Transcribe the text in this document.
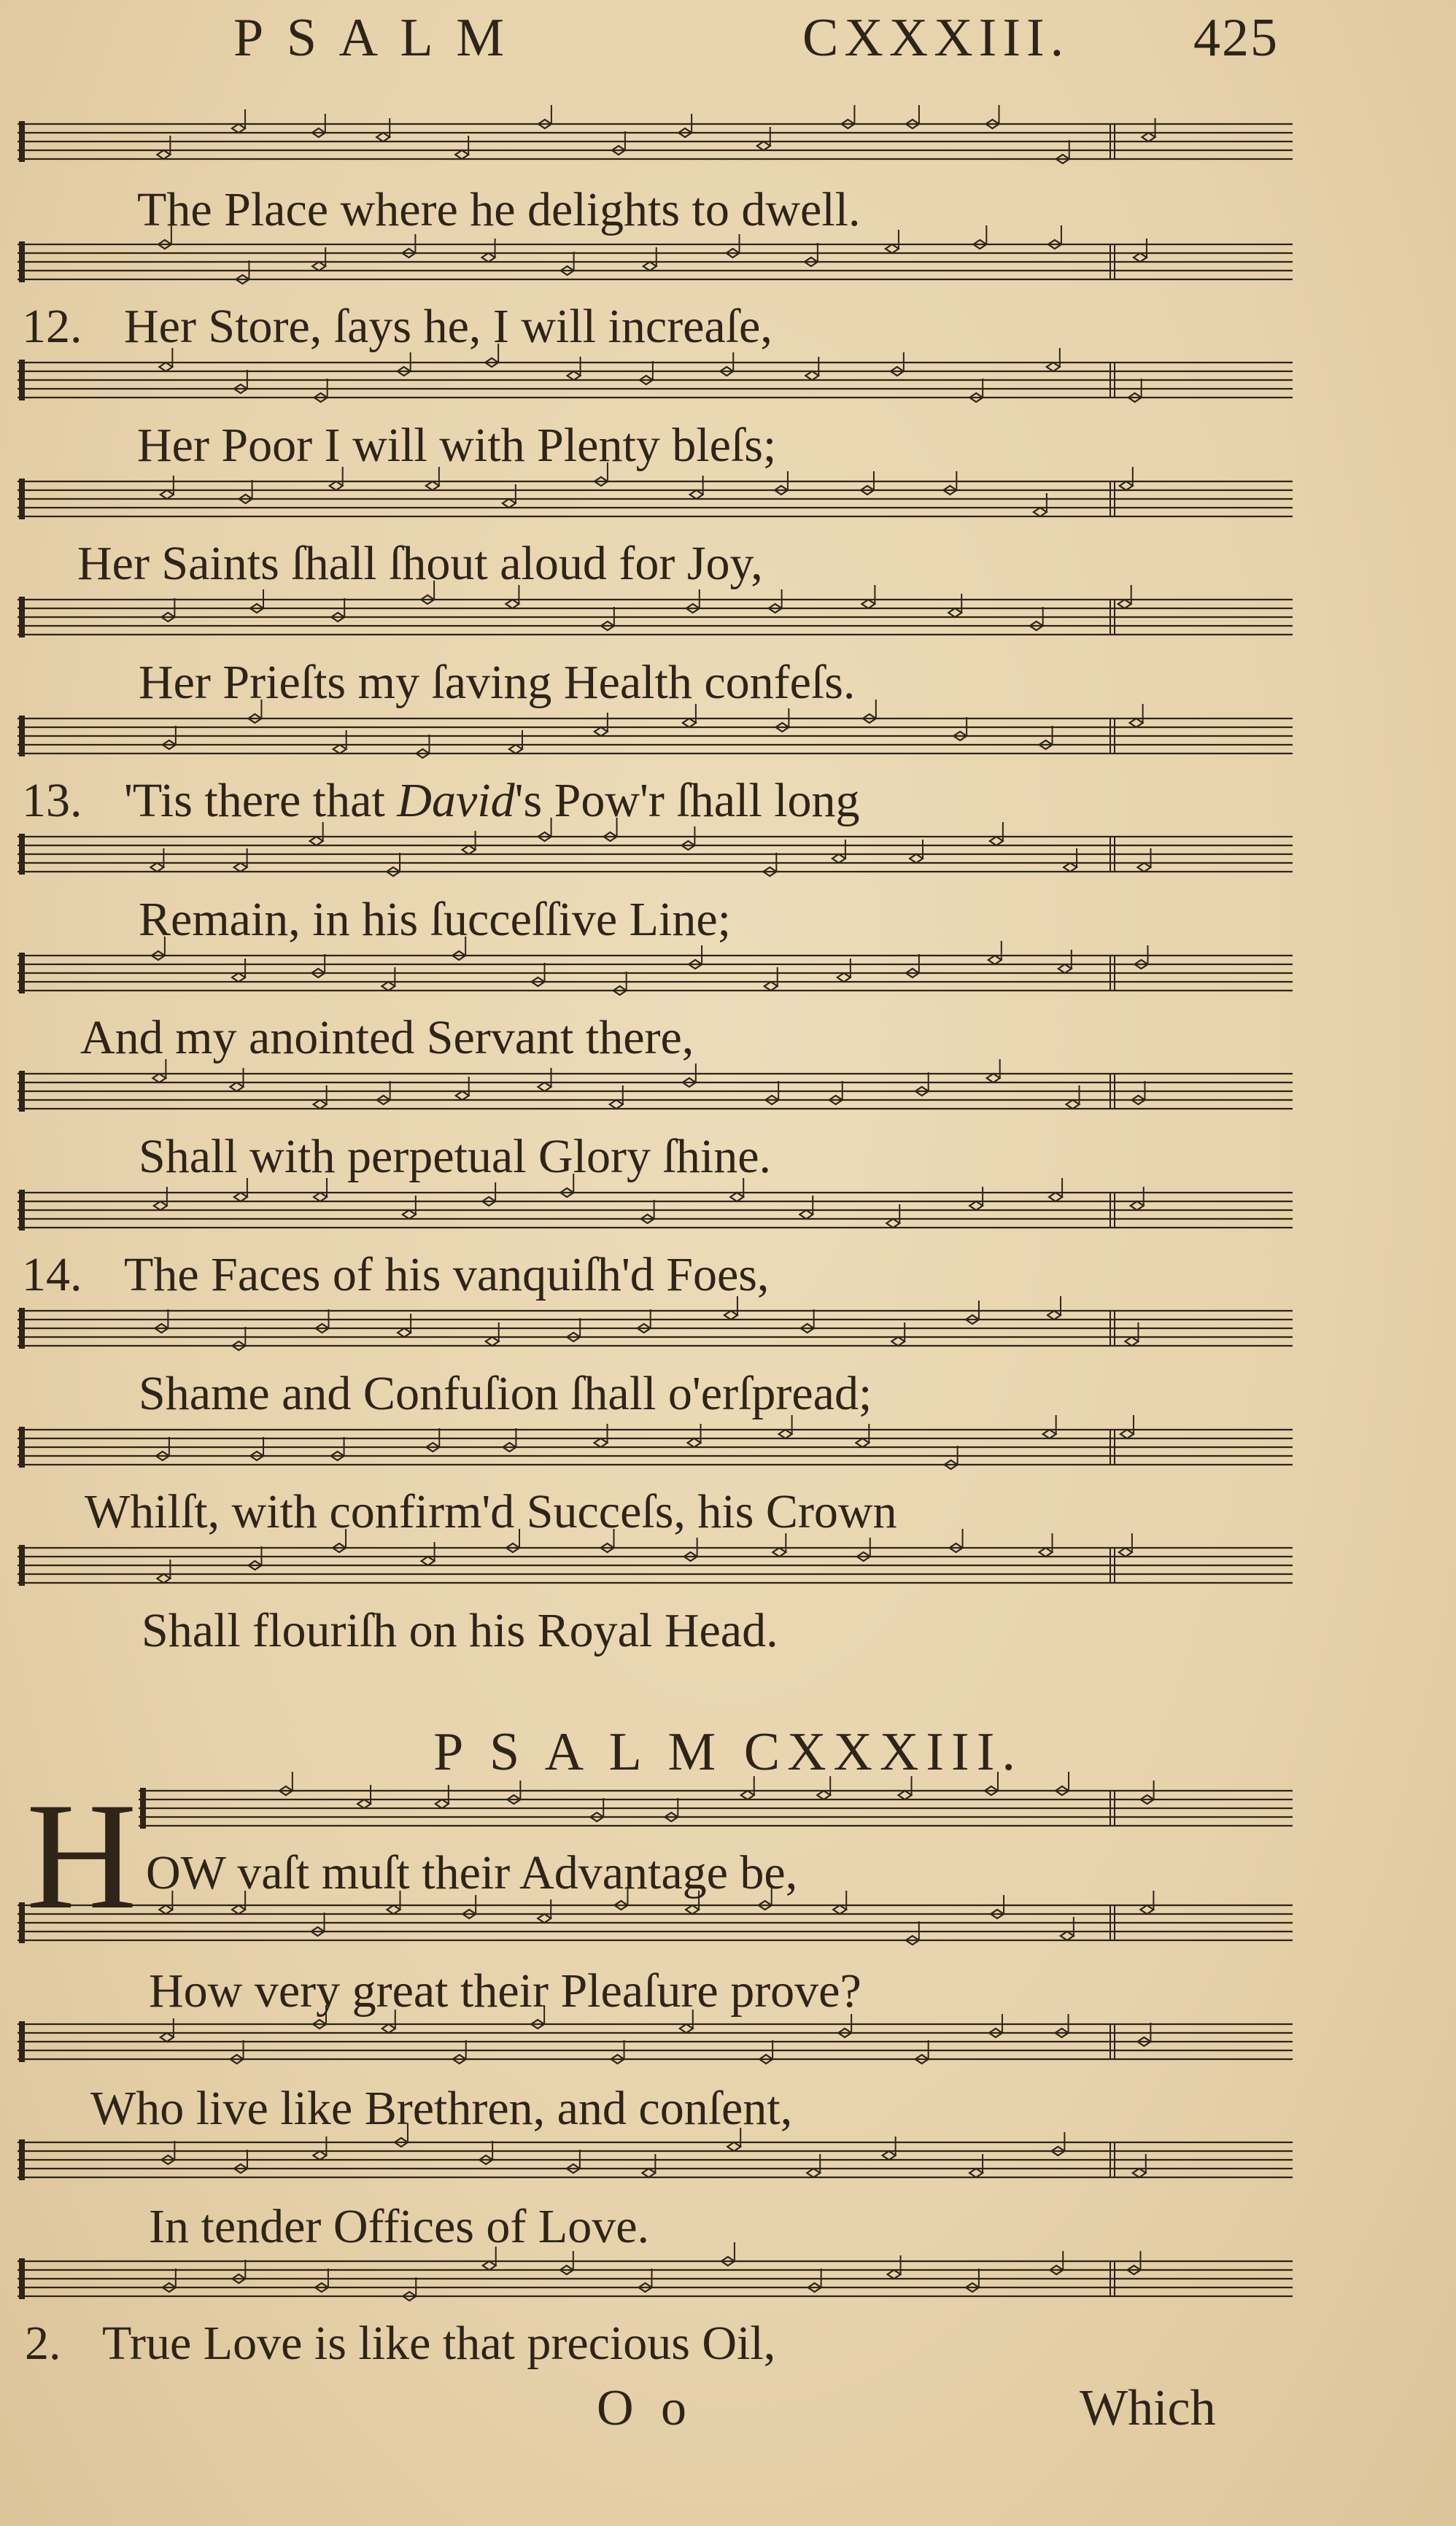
P S A L M	CXXXIII. 425
The Place where he delights to dwell.
12. Her Store, ſays he, I will increaſe,
Her Poor I will with Plenty bleſs;
Her Saints ſhall ſhout aloud for Joy,
Her Prieſts my ſaving Health confeſs.
13. 'Tis there that David's Pow'r ſhall long
Remain, in his ſucceſſive Line;
And my anointed Servant there,
Shall with perpetual Glory ſhine.
14. The Faces of his vanquiſh'd Foes,
Shame and Confuſion ſhall o'erſpread;
Whilſt, with confirm'd Succeſs, his Crown
Shall flouriſh on his Royal Head.
P S A L M CXXXIII.
H OW vaſt muſt their Advantage be,
How very great their Pleaſure prove?
Who live like Brethren, and conſent,
In tender Offices of Love.
2. True Love is like that precious Oil,
O o	Which
